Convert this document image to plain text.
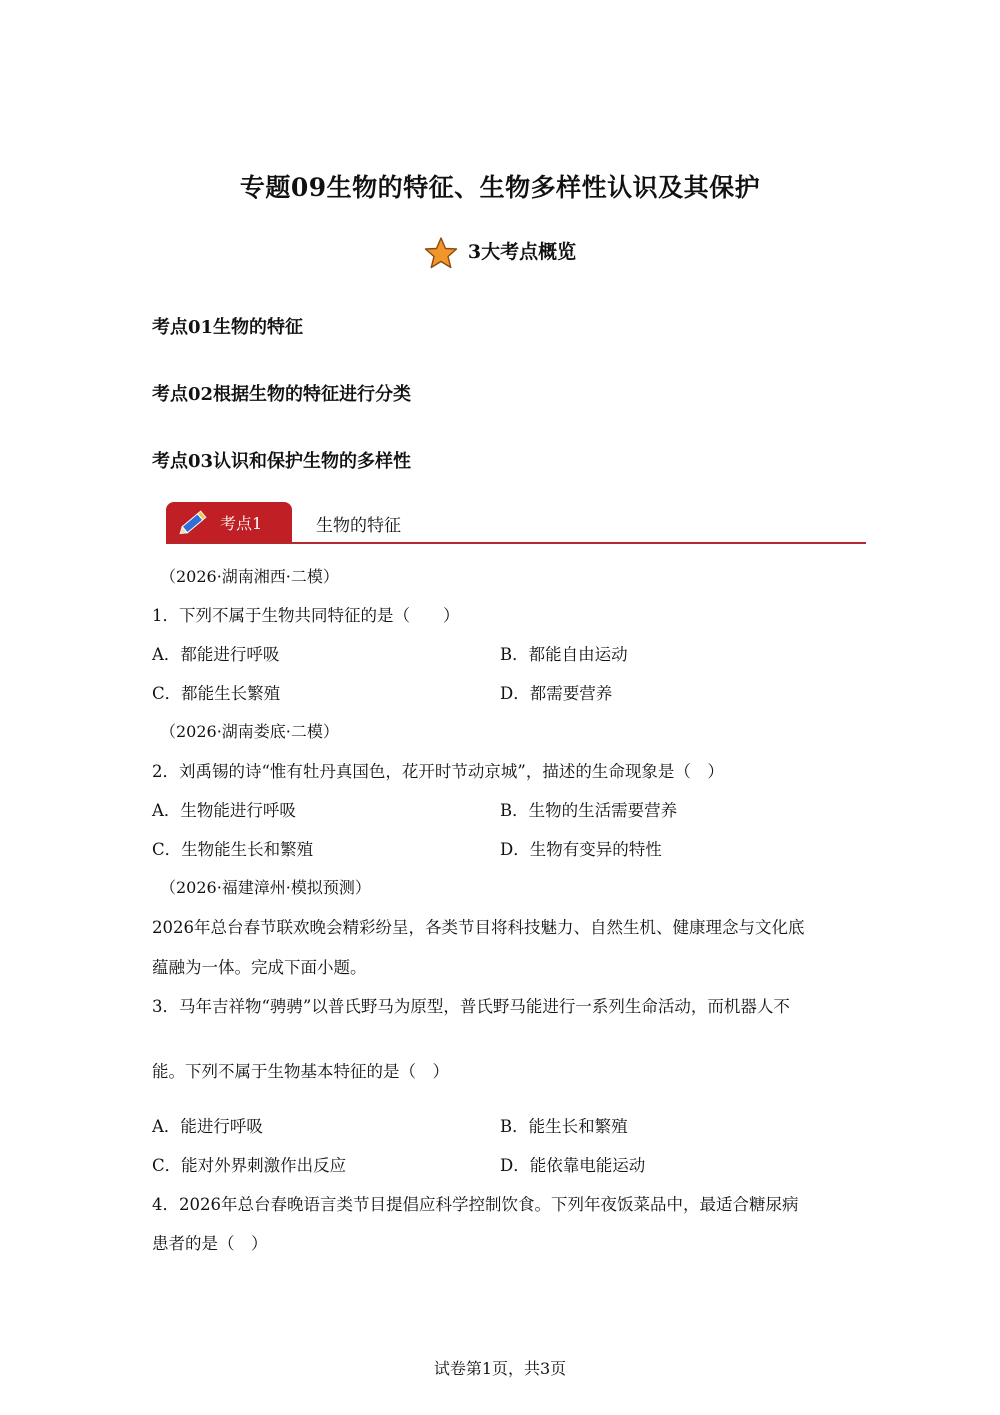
专题09生物的特征、生物多样性认识及其保护
3大考点概览
考点01生物的特征
考点02根据生物的特征进行分类
考点03认识和保护生物的多样性
考点1	生物的特征
（2026·湖南湘西·二模）
1．下列不属于生物共同特征的是（　　）
A．都能进行呼吸	B．都能自由运动
C．都能生长繁殖	D．都需要营养
（2026·湖南娄底·二模）
2．刘禹锡的诗“惟有牡丹真国色，花开时节动京城”，描述的生命现象是（　）
A．生物能进行呼吸	B．生物的生活需要营养
C．生物能生长和繁殖	D．生物有变异的特性
（2026·福建漳州·模拟预测）
2026年总台春节联欢晚会精彩纷呈，各类节目将科技魅力、自然生机、健康理念与文化底
蕴融为一体。完成下面小题。
3．马年吉祥物“骋骋”以普氏野马为原型，普氏野马能进行一系列生命活动，而机器人不
能。下列不属于生物基本特征的是（　）
A．能进行呼吸	B．能生长和繁殖
C．能对外界刺激作出反应	D．能依靠电能运动
4．2026年总台春晚语言类节目提倡应科学控制饮食。下列年夜饭菜品中，最适合糖尿病
患者的是（　）
试卷第1页，共3页
